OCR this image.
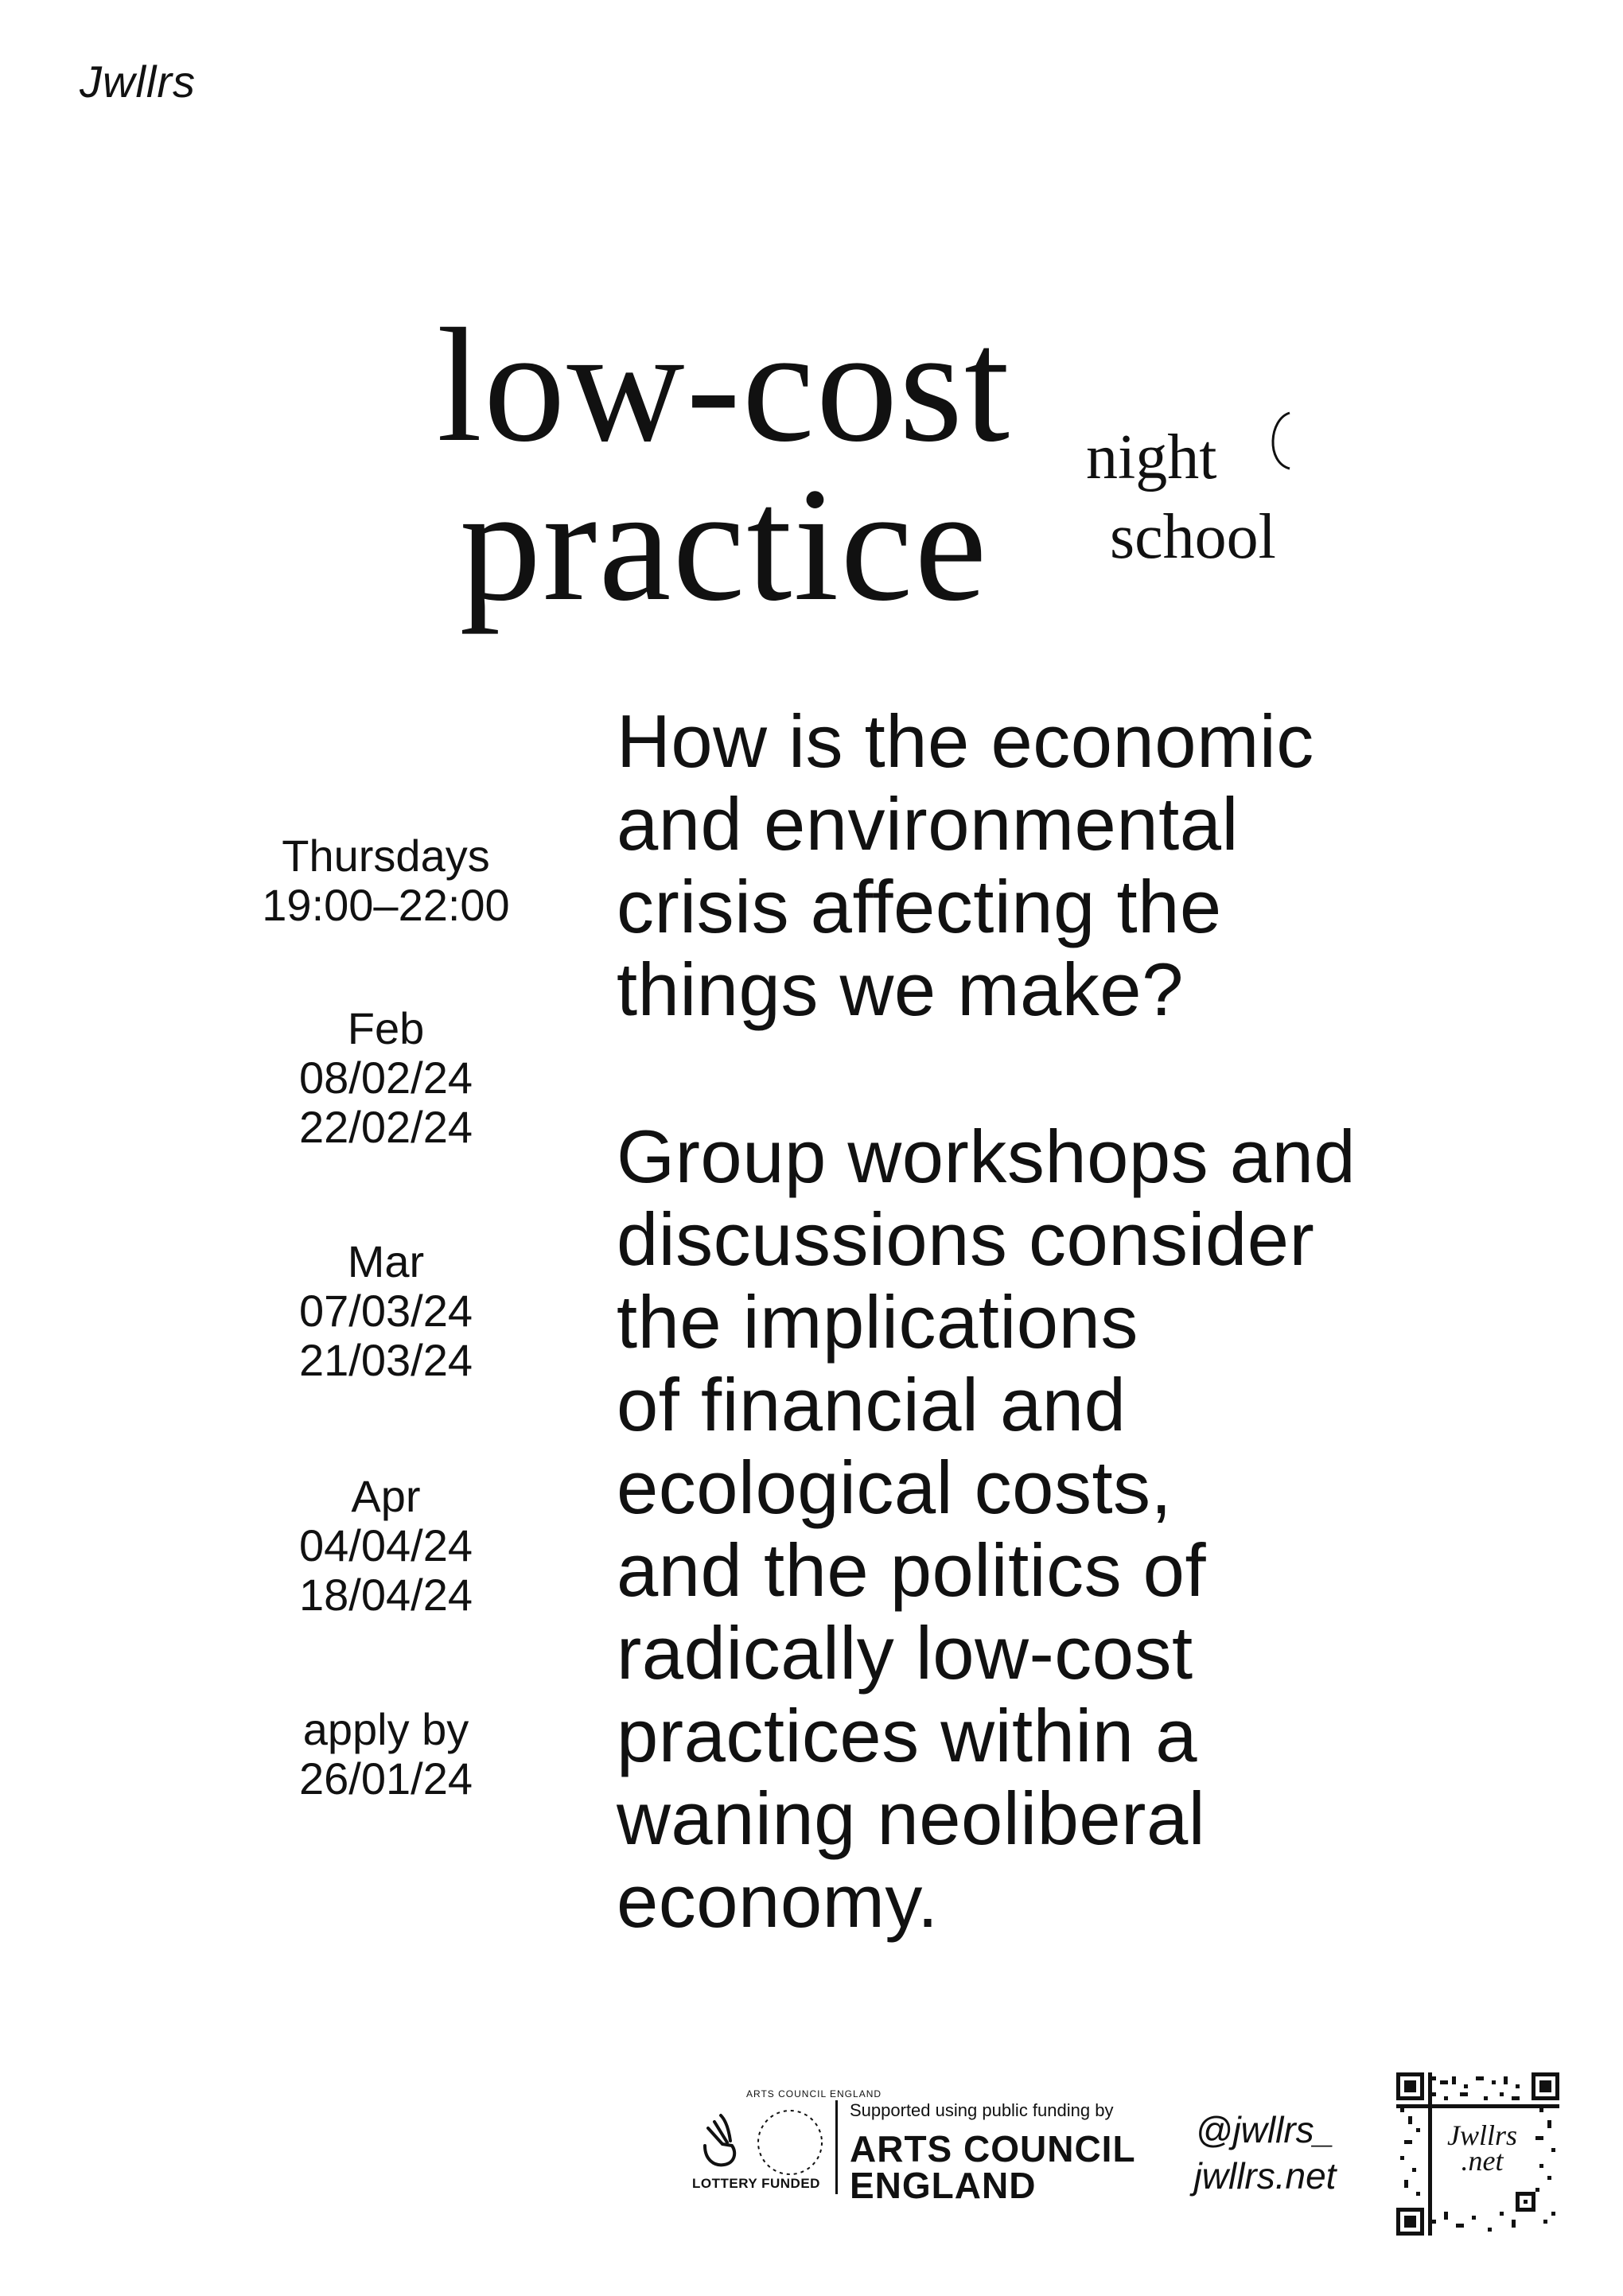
Jwllrs
low-cost
practice	night
school
Thursdays
19:00–22:00
Feb
08/02/24
22/02/24
Mar
07/03/24
21/03/24
Apr
04/04/24
18/04/24
apply by
26/01/24
How is the economic
and environmental
crisis affecting the
things we make?
Group workshops and
discussions consider
the implications
of financial and
ecological costs,
and the politics of
radically low-cost
practices within a
waning neoliberal
economy.
ARTS COUNCIL ENGLAND
LOTTERY FUNDED
Supported using public funding by
ARTS COUNCIL
ENGLAND
@jwllrs_
jwllrs.net
Jwllrs
.net
